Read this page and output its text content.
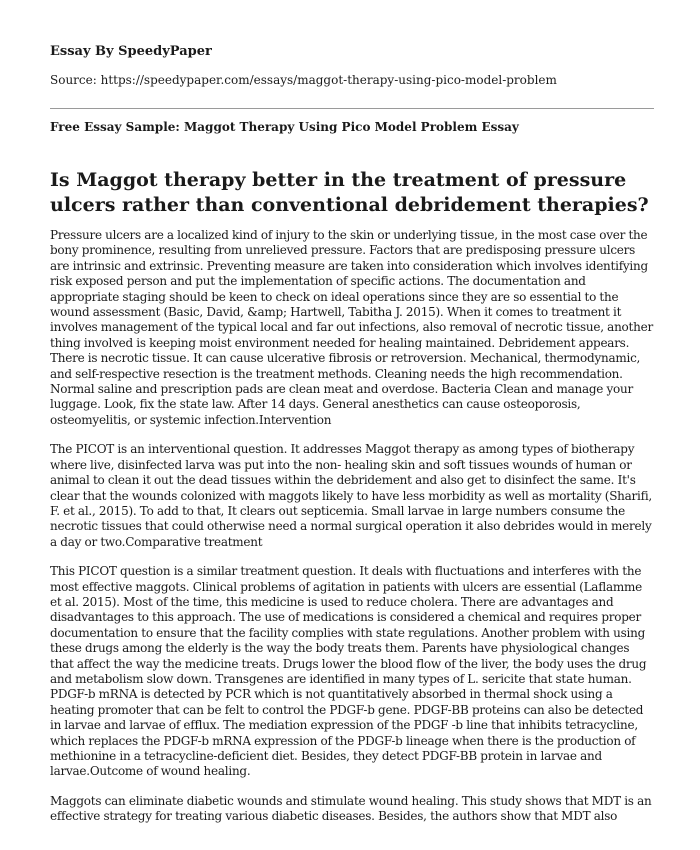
Essay By SpeedyPaper
Source: https://speedypaper.com/essays/maggot-therapy-using-pico-model-problem
Free Essay Sample: Maggot Therapy Using Pico Model Problem Essay
Is Maggot therapy better in the treatment of pressure ulcers rather than conventional debridement therapies?

Pressure ulcers are a localized kind of injury to the skin or underlying tissue, in the most case over the bony prominence, resulting from unrelieved pressure. Factors that are predisposing pressure ulcers are intrinsic and extrinsic. Preventing measure are taken into consideration which involves identifying risk exposed person and put the implementation of specific actions. The documentation and appropriate staging should be keen to check on ideal operations since they are so essential to the wound assessment (Basic, David, &amp; Hartwell, Tabitha J. 2015). When it comes to treatment it involves management of the typical local and far out infections, also removal of necrotic tissue, another thing involved is keeping moist environment needed for healing maintained. Debridement appears. There is necrotic tissue. It can cause ulcerative fibrosis or retroversion. Mechanical, thermodynamic, and self-respective resection is the treatment methods. Cleaning needs the high recommendation. Normal saline and prescription pads are clean meat and overdose. Bacteria Clean and manage your luggage. Look, fix the state law. After 14 days. General anesthetics can cause osteoporosis, osteomyelitis, or systemic infection.Intervention

The PICOT is an interventional question. It addresses Maggot therapy as among types of biotherapy where live, disinfected larva was put into the non- healing skin and soft tissues wounds of human or animal to clean it out the dead tissues within the debridement and also get to disinfect the same. It's clear that the wounds colonized with maggots likely to have less morbidity as well as mortality (Sharifi, F. et al., 2015). To add to that, It clears out septicemia. Small larvae in large numbers consume the necrotic tissues that could otherwise need a normal surgical operation it also debrides would in merely a day or two.Comparative treatment

This PICOT question is a similar treatment question. It deals with fluctuations and interferes with the most effective maggots. Clinical problems of agitation in patients with ulcers are essential (Laflamme et al. 2015). Most of the time, this medicine is used to reduce cholera. There are advantages and disadvantages to this approach. The use of medications is considered a chemical and requires proper documentation to ensure that the facility complies with state regulations. Another problem with using these drugs among the elderly is the way the body treats them. Parents have physiological changes that affect the way the medicine treats. Drugs lower the blood flow of the liver, the body uses the drug and metabolism slow down. Transgenes are identified in many types of L. sericite that state human. PDGF-b mRNA is detected by PCR which is not quantitatively absorbed in thermal shock using a heating promoter that can be felt to control the PDGF-b gene. PDGF-BB proteins can also be detected in larvae and larvae of efflux. The mediation expression of the PDGF -b line that inhibits tetracycline, which replaces the PDGF-b mRNA expression of the PDGF-b lineage when there is the production of methionine in a tetracycline-deficient diet. Besides, they detect PDGF-BB protein in larvae and larvae.Outcome of wound healing.

Maggots can eliminate diabetic wounds and stimulate wound healing. This study shows that MDT is an effective strategy for treating various diabetic diseases. Besides, the authors show that MDT also
